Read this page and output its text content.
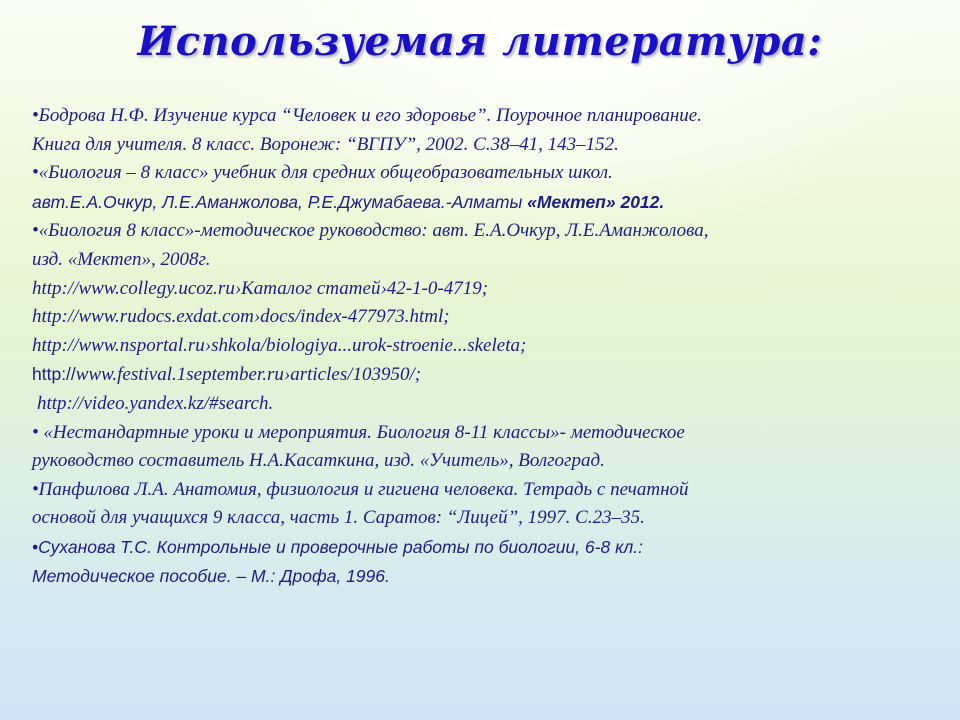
Используемая литература:
•Бодрова Н.Ф. Изучение курса “Человек и его здоровье”. Поурочное планирование.
Книга для учителя. 8 класс. Воронеж: “ВГПУ”, 2002. С.38–41, 143–152.
•«Биология – 8 класс» учебник для средних общеобразовательных школ.
авт.Е.А.Очкур, Л.Е.Аманжолова, Р.Е.Джумабаева.-Алматы «Мектеп» 2012.
•«Биология 8 класс»-методическое руководство: авт. Е.А.Очкур, Л.Е.Аманжолова,
изд. «Мектеп», 2008г.
http://www.collegy.ucoz.ru›Каталог статей›42-1-0-4719;
http://www.rudocs.exdat.com›docs/index-477973.html;
http://www.nsportal.ru›shkola/biologiya...urok-stroenie...skeleta;
http://www.festival.1september.ru›articles/103950/;
http://video.yandex.kz/#search.
• «Нестандартные уроки и мероприятия. Биология 8-11 классы»- методическое
руководство составитель Н.А.Касаткина, изд. «Учитель», Волгоград.
•Панфилова Л.А. Анатомия, физиология и гигиена человека. Тетрадь с печатной
основой для учащихся 9 класса, часть 1. Саратов: “Лицей”, 1997. С.23–35.
•Суханова Т.С. Контрольные и проверочные работы по биологии, 6-8 кл.:
Методическое пособие. – М.: Дрофа, 1996.
